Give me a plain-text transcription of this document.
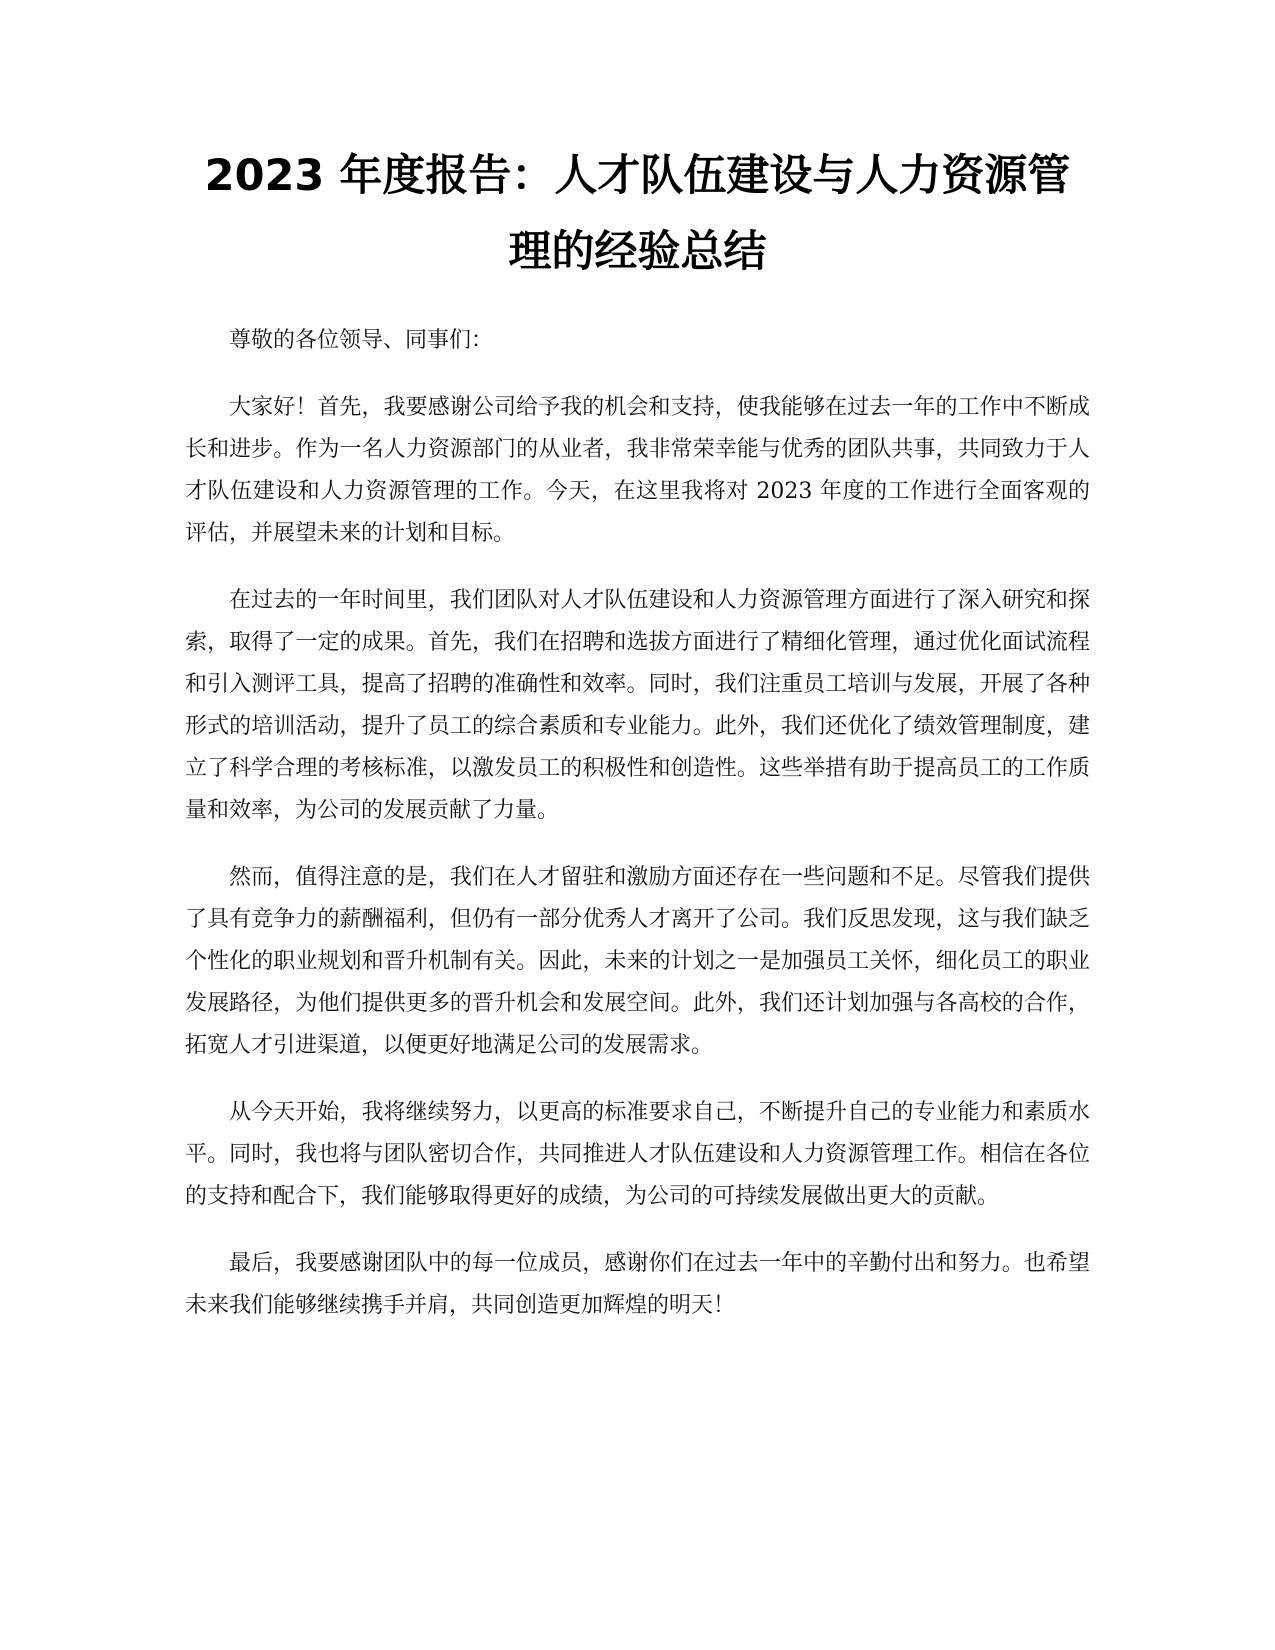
2023 年度报告：人才队伍建设与人力资源管理的经验总结

尊敬的各位领导、同事们：

大家好！首先，我要感谢公司给予我的机会和支持，使我能够在过去一年的工作中不断成长和进步。作为一名人力资源部门的从业者，我非常荣幸能与优秀的团队共事，共同致力于人才队伍建设和人力资源管理的工作。今天，在这里我将对 2023 年度的工作进行全面客观的评估，并展望未来的计划和目标。

在过去的一年时间里，我们团队对人才队伍建设和人力资源管理方面进行了深入研究和探索，取得了一定的成果。首先，我们在招聘和选拔方面进行了精细化管理，通过优化面试流程和引入测评工具，提高了招聘的准确性和效率。同时，我们注重员工培训与发展，开展了各种形式的培训活动，提升了员工的综合素质和专业能力。此外，我们还优化了绩效管理制度，建立了科学合理的考核标准，以激发员工的积极性和创造性。这些举措有助于提高员工的工作质量和效率，为公司的发展贡献了力量。

然而，值得注意的是，我们在人才留驻和激励方面还存在一些问题和不足。尽管我们提供了具有竞争力的薪酬福利，但仍有一部分优秀人才离开了公司。我们反思发现，这与我们缺乏个性化的职业规划和晋升机制有关。因此，未来的计划之一是加强员工关怀，细化员工的职业发展路径，为他们提供更多的晋升机会和发展空间。此外，我们还计划加强与各高校的合作，拓宽人才引进渠道，以便更好地满足公司的发展需求。

从今天开始，我将继续努力，以更高的标准要求自己，不断提升自己的专业能力和素质水平。同时，我也将与团队密切合作，共同推进人才队伍建设和人力资源管理工作。相信在各位的支持和配合下，我们能够取得更好的成绩，为公司的可持续发展做出更大的贡献。

最后，我要感谢团队中的每一位成员，感谢你们在过去一年中的辛勤付出和努力。也希望未来我们能够继续携手并肩，共同创造更加辉煌的明天！
